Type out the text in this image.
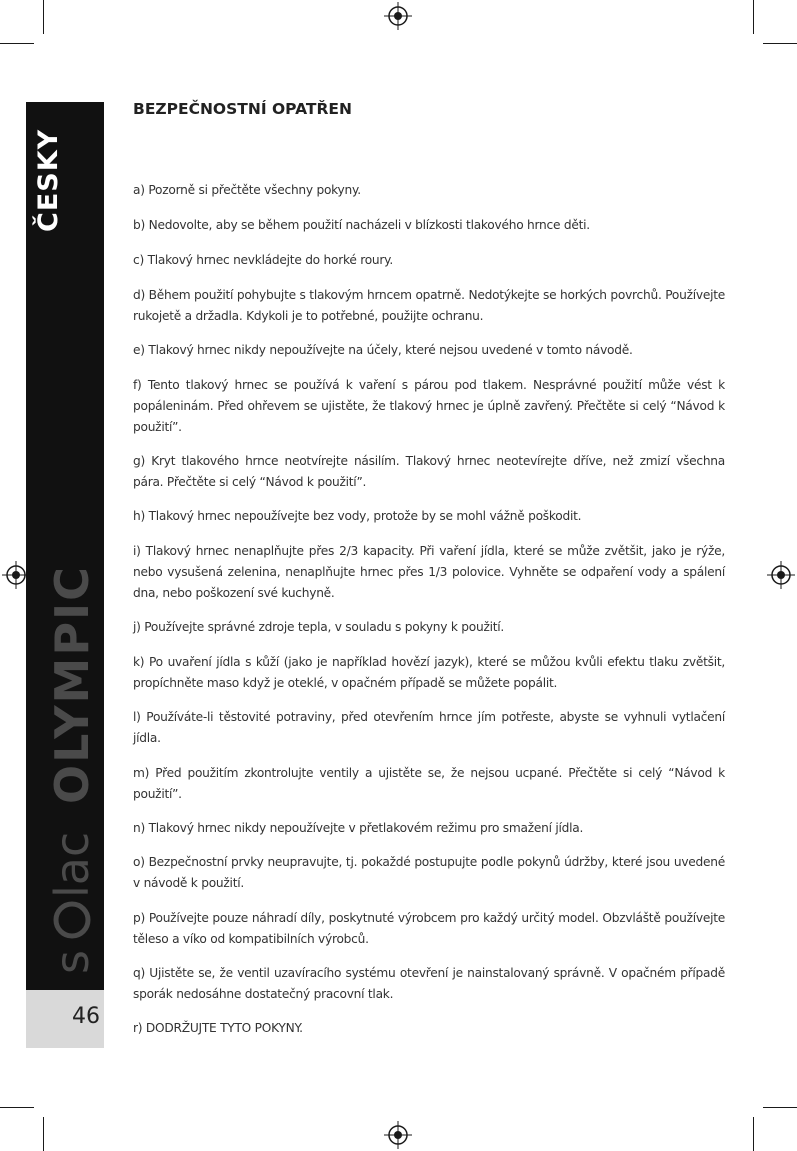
s
lac
OLYMPIC
ČESKY
46
BEZPEČNOSTNÍ OPATŘEN
a) Pozorně si přečtěte všechny pokyny.
b) Nedovolte, aby se během použití nacházeli v blízkosti tlakového hrnce děti.
c) Tlakový hrnec nevkládejte do horké roury.
d) Během použití pohybujte s tlakovým hrncem opatrně. Nedotýkejte se horkých povrchů. Používejte rukojetě a držadla. Kdykoli je to potřebné, použijte ochranu.
e) Tlakový hrnec nikdy nepoužívejte na účely, které nejsou uvedené v tomto návodě.
f) Tento tlakový hrnec se používá k vaření s párou pod tlakem. Nesprávné použití může vést k popáleninám. Před ohřevem se ujistěte, že tlakový hrnec je úplně zavřený. Přečtěte si celý “Návod k použití”.
g) Kryt tlakového hrnce neotvírejte násilím. Tlakový hrnec neotevírejte dříve, než zmizí všechna pára. Přečtěte si celý “Návod k použití”.
h) Tlakový hrnec nepoužívejte bez vody, protože by se mohl vážně poškodit.
i) Tlakový hrnec nenaplňujte přes 2/3 kapacity. Při vaření jídla, které se může zvětšit, jako je rýže, nebo vysušená zelenina, nenaplňujte hrnec přes 1/3 polovice. Vyhněte se odpaření vody a spálení dna, nebo poškození své kuchyně.
j) Používejte správné zdroje tepla, v souladu s pokyny k použití.
k) Po uvaření jídla s kůží (jako je například hovězí jazyk), které se můžou kvůli efektu tlaku zvětšit, propíchněte maso když je oteklé, v opačném případě se můžete popálit.
l) Používáte-li těstovité potraviny, před otevřením hrnce jím potřeste, abyste se vyhnuli vytlačení jídla.
m) Před použitím zkontrolujte ventily a ujistěte se, že nejsou ucpané. Přečtěte si celý “Návod k použití”.
n) Tlakový hrnec nikdy nepoužívejte v přetlakovém režimu pro smažení jídla.
o) Bezpečnostní prvky neupravujte, tj. pokaždé postupujte podle pokynů údržby, které jsou uvedené v návodě k použití.
p) Používejte pouze náhradí díly, poskytnuté výrobcem pro každý určitý model. Obzvláště používejte těleso a víko od kompatibilních výrobců.
q) Ujistěte se, že ventil uzavíracího systému otevření je nainstalovaný správně. V opačném případě sporák nedosáhne dostatečný pracovní tlak.
r) DODRŽUJTE TYTO POKYNY.
